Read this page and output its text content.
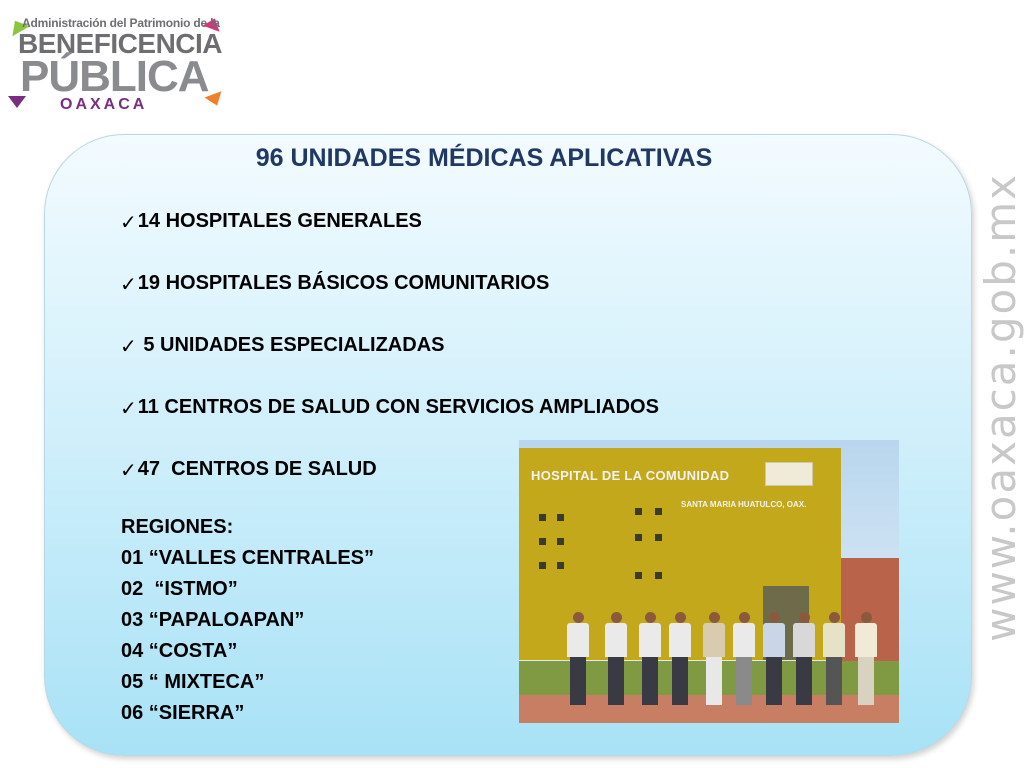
Administración del Patrimonio de la
BENEFICENCIA
PÚBLICA
OAXACA
www.oaxaca.gob.mx
96 UNIDADES MÉDICAS APLICATIVAS
✓ 14 HOSPITALES GENERALES
✓ 19 HOSPITALES BÁSICOS COMUNITARIOS
✓ 5 UNIDADES ESPECIALIZADAS
✓ 11 CENTROS DE SALUD CON SERVICIOS AMPLIADOS
✓ 47  CENTROS DE SALUD
REGIONES:
01 “VALLES CENTRALES”
02  “ISTMO”
03 “PAPALOAPAN”
04 “COSTA”
05 “ MIXTECA”
06 “SIERRA”
HOSPITAL DE LA COMUNIDAD
SANTA MARIA HUATULCO, OAX.
